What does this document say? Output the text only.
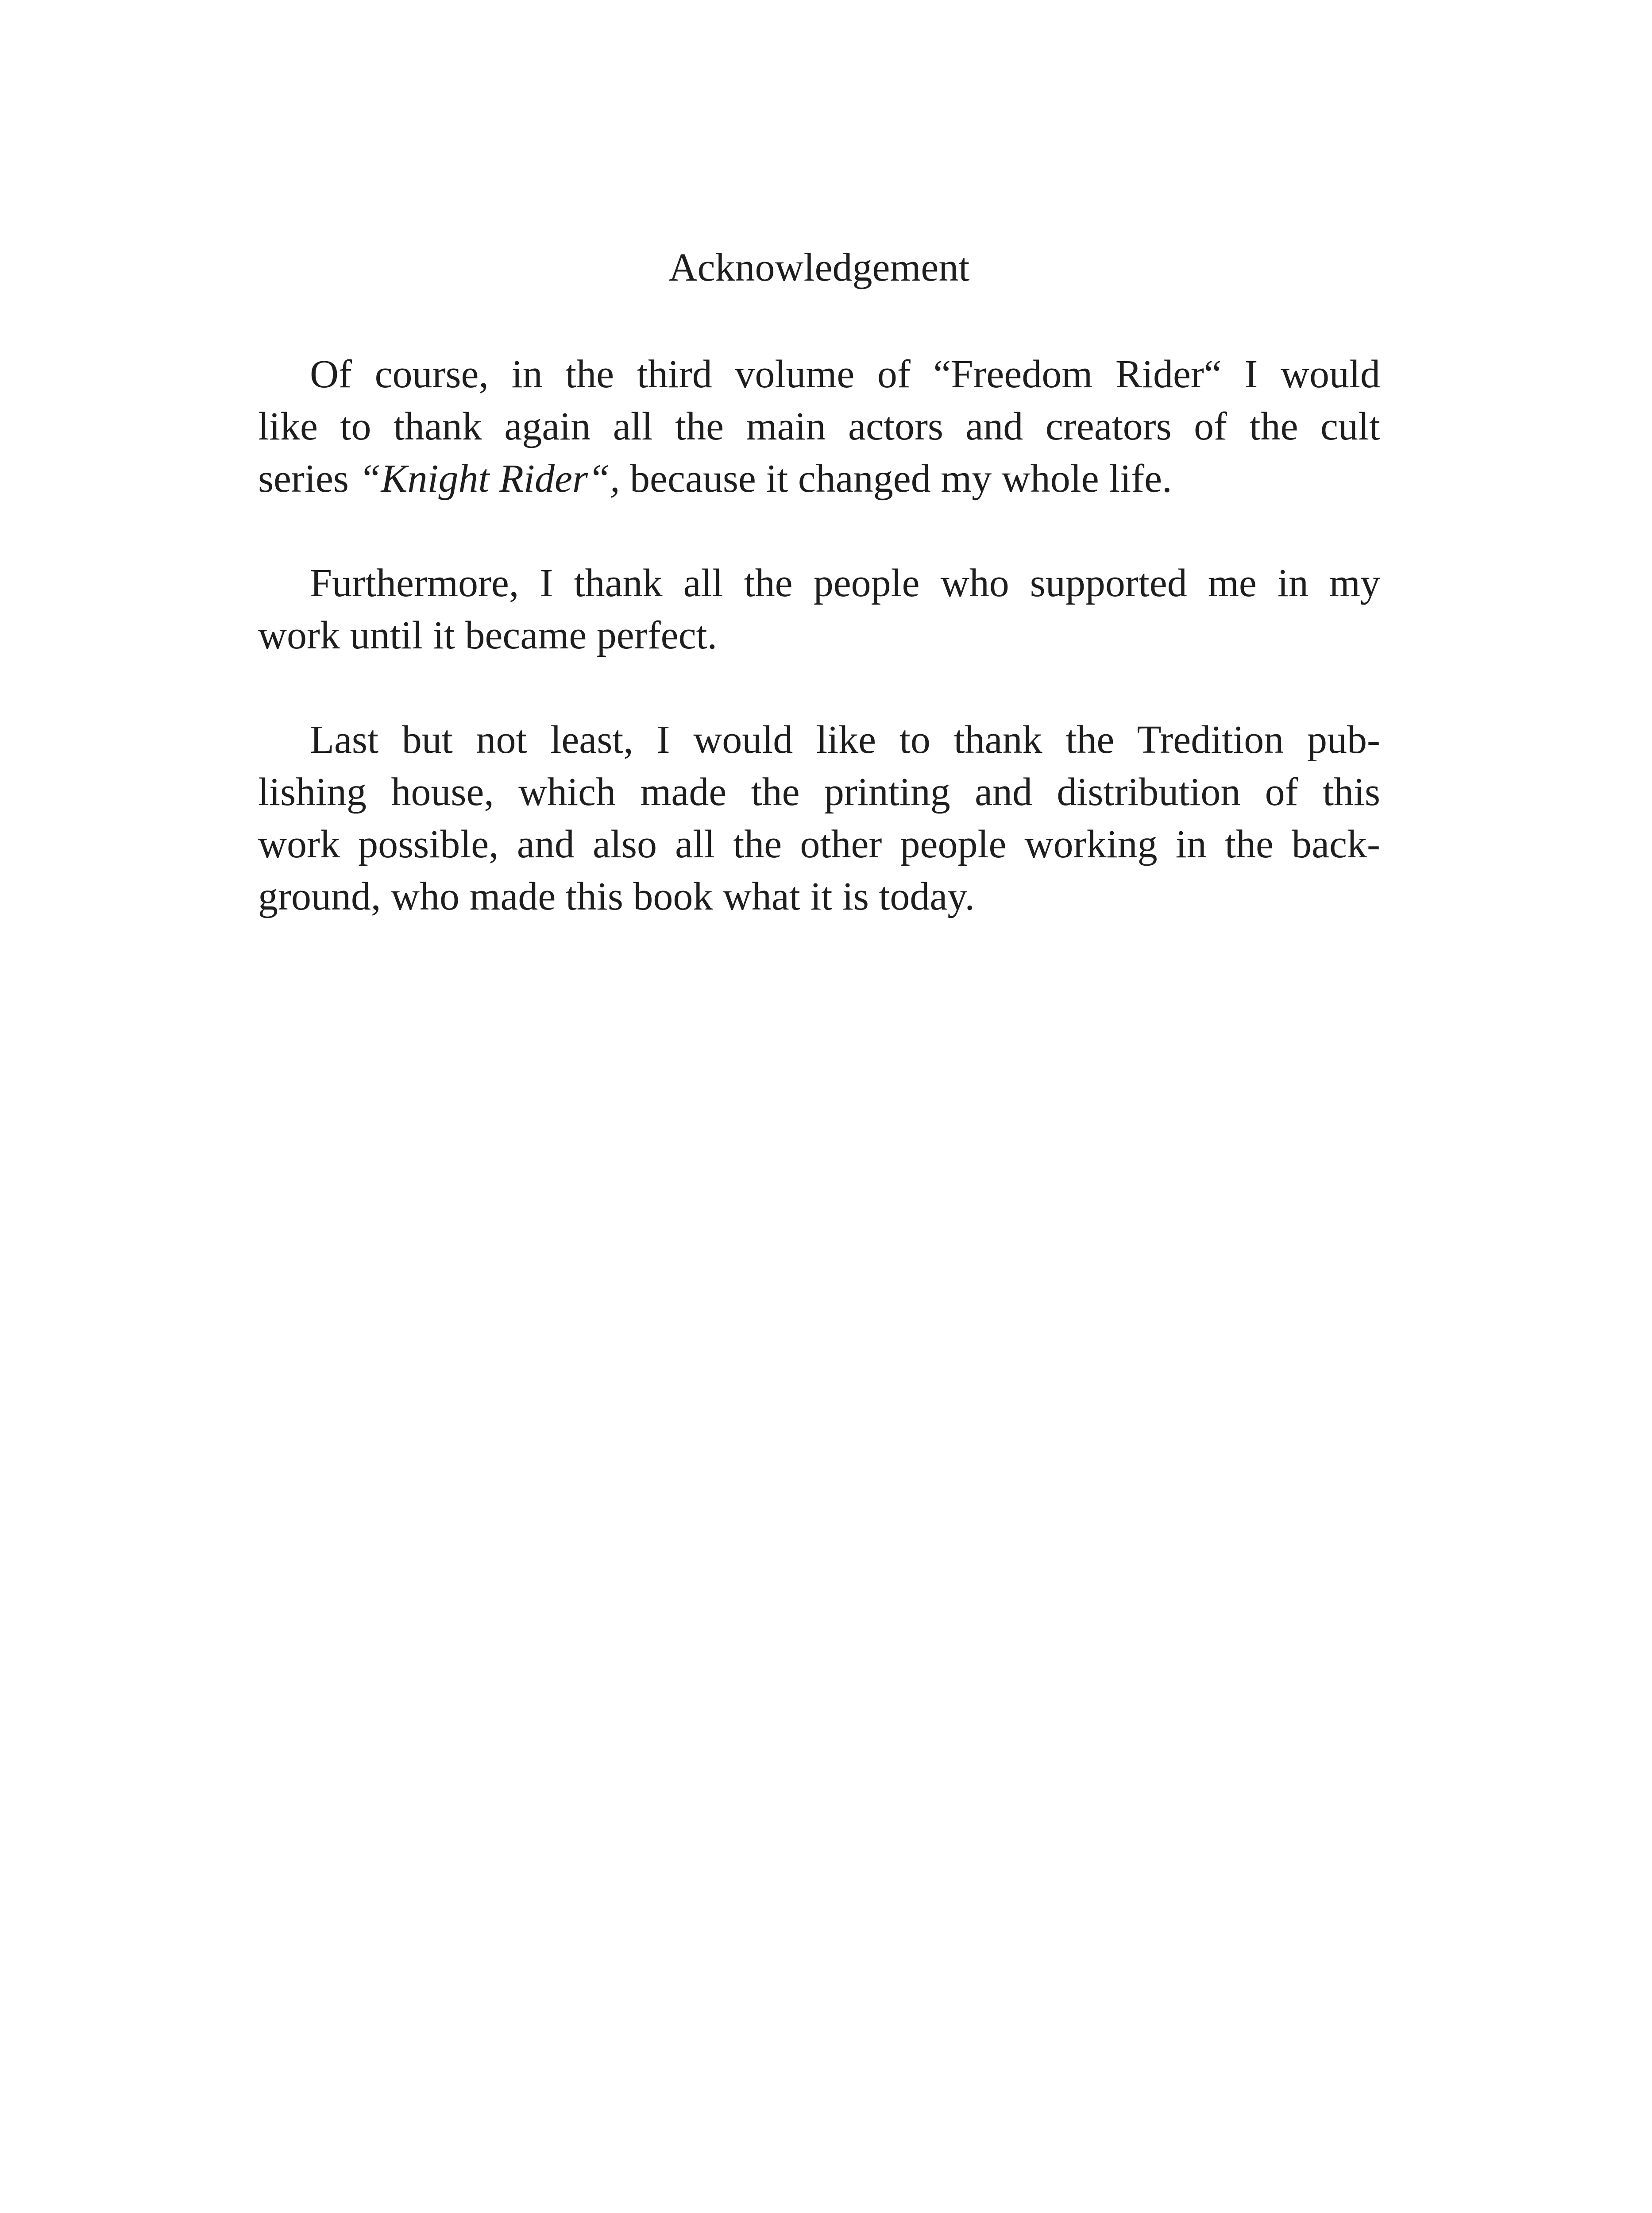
Acknowledgement
Of course, in the third volume of “Freedom Rider“ I would
like to thank again all the main actors and creators of the cult
series “Knight Rider“, because it changed my whole life.
Furthermore, I thank all the people who supported me in my
work until it became perfect.
Last but not least, I would like to thank the Tredition pub-
lishing house, which made the printing and distribution of this
work possible, and also all the other people working in the back-
ground, who made this book what it is today.
